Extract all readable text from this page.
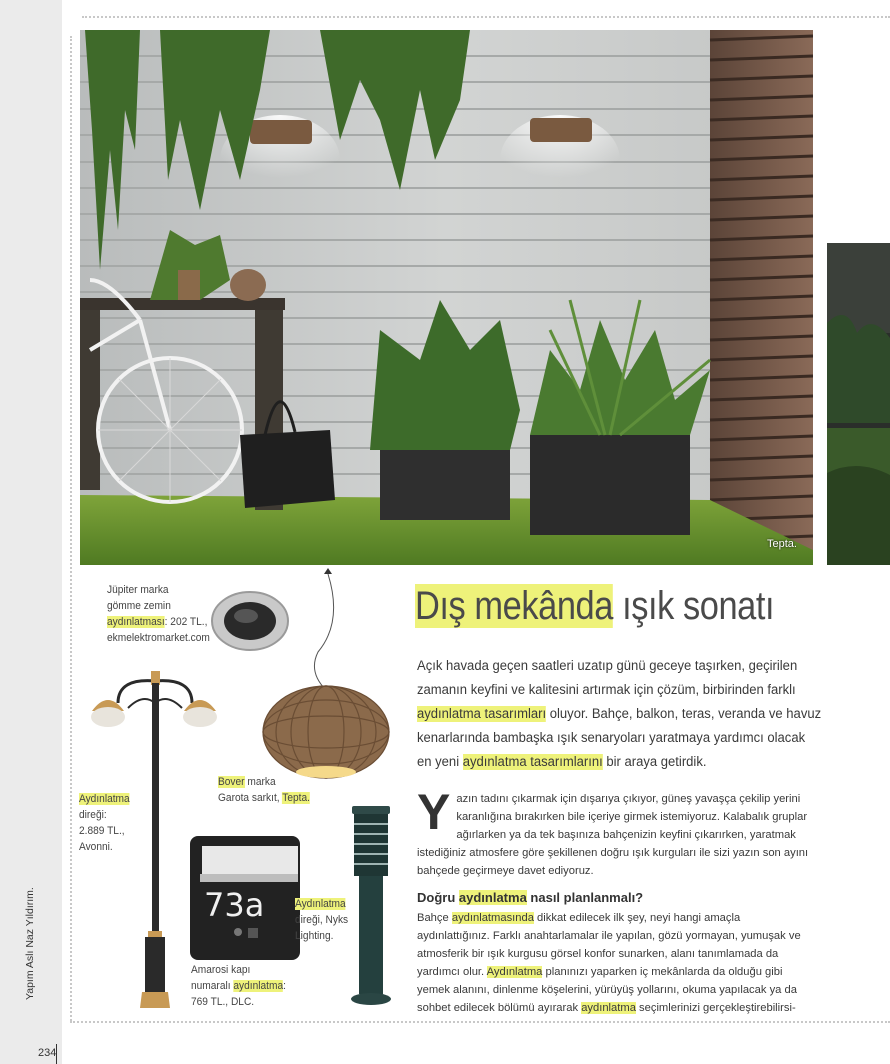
Tepta.
73a
Jüpiter marka
gömme zemin
aydınlatması: 202 TL.,
ekmelektromarket.com
Aydınlatma
direği:
2.889 TL.,
Avonni.
Bover marka
Garota sarkıt, Tepta.
Aydınlatma
direği, Nyks
Lighting.
Amarosi kapı
numaralı aydınlatma:
769 TL., DLC.
Dış mekânda ışık sonatı
Açık havada geçen saatleri uzatıp günü geceye taşırken, geçirilen zamanın keyfini ve kalitesini artırmak için çözüm, birbirinden farklı aydınlatma tasarımları oluyor. Bahçe, balkon, teras, veranda ve havuz kenarlarında bambaşka ışık senaryoları yaratmaya yardımcı olacak en yeni aydınlatma tasarımlarını bir araya getirdik.
Yazın tadını çıkarmak için dışarıya çıkıyor, güneş yavaşça çekilip yerini karanlığına bırakırken bile içeriye girmek istemiyoruz. Kalabalık gruplar ağırlarken ya da tek başınıza bahçenizin keyfini çıkarırken, yaratmak istediğiniz atmosfere göre şekillenen doğru ışık kurguları ile sizi yazın son ayını bahçede geçirmeye davet ediyoruz.
Doğru aydınlatma nasıl planlanmalı?
Bahçe aydınlatmasında dikkat edilecek ilk şey, neyi hangi amaçla aydınlattığınız. Farklı anahtarlamalar ile yapılan, gözü yormayan, yumuşak ve atmosferik bir ışık kurgusu görsel konfor sunarken, alanı tanımlamada da yardımcı olur. Aydınlatma planınızı yaparken iç mekânlarda da olduğu gibi yemek alanını, dinlenme köşelerini, yürüyüş yollarını, okuma yapılacak ya da sohbet edilecek bölümü ayırarak aydınlatma seçimlerinizi gerçekleştirebilirsi-
Yapım Aslı Naz Yıldırım.
234
